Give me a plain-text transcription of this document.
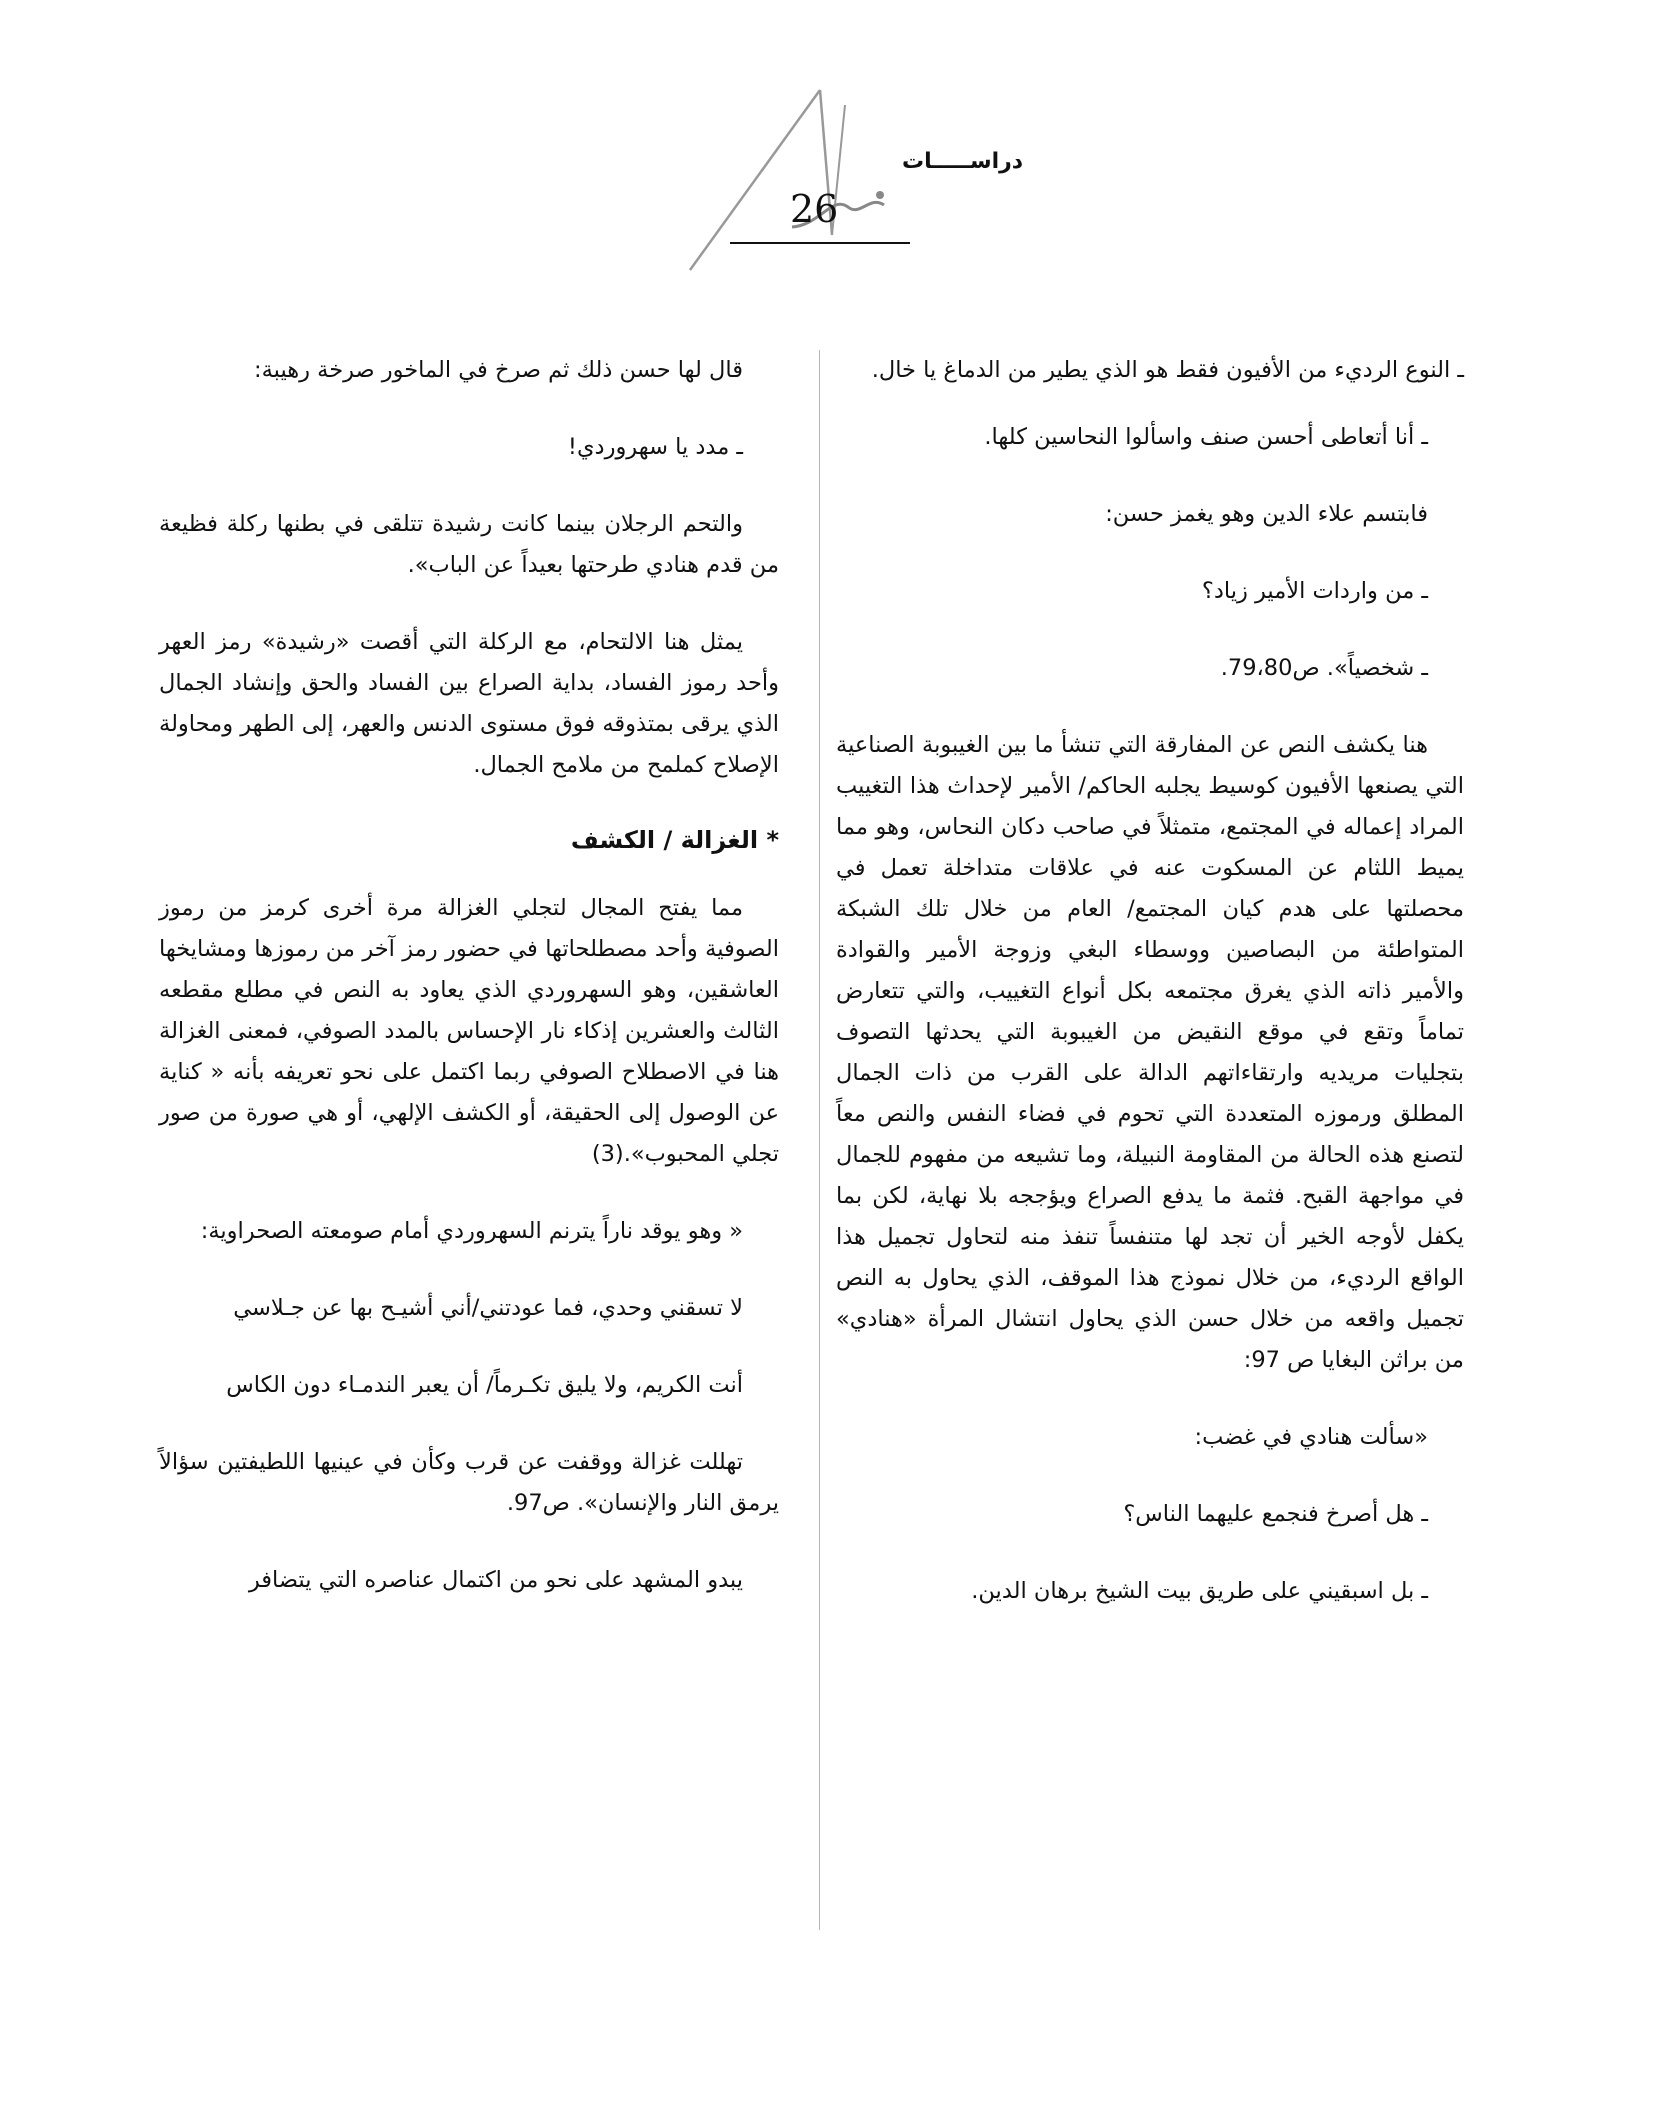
دراســـــات
26

ـ النوع الرديء من الأفيون فقط هو الذي يطير من الدماغ يا خال.

ـ أنا أتعاطى أحسن صنف واسألوا النحاسين كلها.

فابتسم علاء الدين وهو يغمز حسن:

ـ من واردات الأمير زياد؟

ـ شخصياً». ص79،80.

هنا يكشف النص عن المفارقة التي تنشأ ما بين الغيبوبة الصناعية التي يصنعها الأفيون كوسيط يجلبه الحاكم/ الأمير لإحداث هذا التغييب المراد إعماله في المجتمع، متمثلاً في صاحب دكان النحاس، وهو مما يميط اللثام عن المسكوت عنه في علاقات متداخلة تعمل في محصلتها على هدم كيان المجتمع/ العام من خلال تلك الشبكة المتواطئة من البصاصين ووسطاء البغي وزوجة الأمير والقوادة والأمير ذاته الذي يغرق مجتمعه بكل أنواع التغييب، والتي تتعارض تماماً وتقع في موقع النقيض من الغيبوبة التي يحدثها التصوف بتجليات مريديه وارتقاءاتهم الدالة على القرب من ذات الجمال المطلق ورموزه المتعددة التي تحوم في فضاء النفس والنص معاً لتصنع هذه الحالة من المقاومة النبيلة، وما تشيعه من مفهوم للجمال في مواجهة القبح. فثمة ما يدفع الصراع ويؤججه بلا نهاية، لكن بما يكفل لأوجه الخير أن تجد لها متنفساً تنفذ منه لتحاول تجميل هذا الواقع الرديء، من خلال نموذج هذا الموقف، الذي يحاول به النص تجميل واقعه من خلال حسن الذي يحاول انتشال المرأة «هنادي» من براثن البغايا ص 97:

«سألت هنادي في غضب:

ـ هل أصرخ فنجمع عليهما الناس؟

ـ بل اسبقيني على طريق بيت الشيخ برهان الدين.

قال لها حسن ذلك ثم صرخ في الماخور صرخة رهيبة:

ـ مدد يا سهروردي!

والتحم الرجلان بينما كانت رشيدة تتلقى في بطنها ركلة فظيعة من قدم هنادي طرحتها بعيداً عن الباب».

يمثل هنا الالتحام، مع الركلة التي أقصت «رشيدة» رمز العهر وأحد رموز الفساد، بداية الصراع بين الفساد والحق وإنشاد الجمال الذي يرقى بمتذوقه فوق مستوى الدنس والعهر، إلى الطهر ومحاولة الإصلاح كملمح من ملامح الجمال.

* الغزالة / الكشف

مما يفتح المجال لتجلي الغزالة مرة أخرى كرمز من رموز الصوفية وأحد مصطلحاتها في حضور رمز آخر من رموزها ومشايخها العاشقين، وهو السهروردي الذي يعاود به النص في مطلع مقطعه الثالث والعشرين إذكاء نار الإحساس بالمدد الصوفي، فمعنى الغزالة هنا في الاصطلاح الصوفي ربما اكتمل على نحو تعريفه بأنه « كناية عن الوصول إلى الحقيقة، أو الكشف الإلهي، أو هي صورة من صور تجلي المحبوب».(3)

« وهو يوقد ناراً يترنم السهروردي أمام صومعته الصحراوية:

لا تسقني وحدي، فما عودتني/أني أشيـح بها عن جـلاسي

أنت الكريم، ولا يليق تكـرماً/ أن يعبر الندمـاء دون الكاس

تهللت غزالة ووقفت عن قرب وكأن في عينيها اللطيفتين سؤالاً يرمق النار والإنسان». ص97.

يبدو المشهد على نحو من اكتمال عناصره التي يتضافر
